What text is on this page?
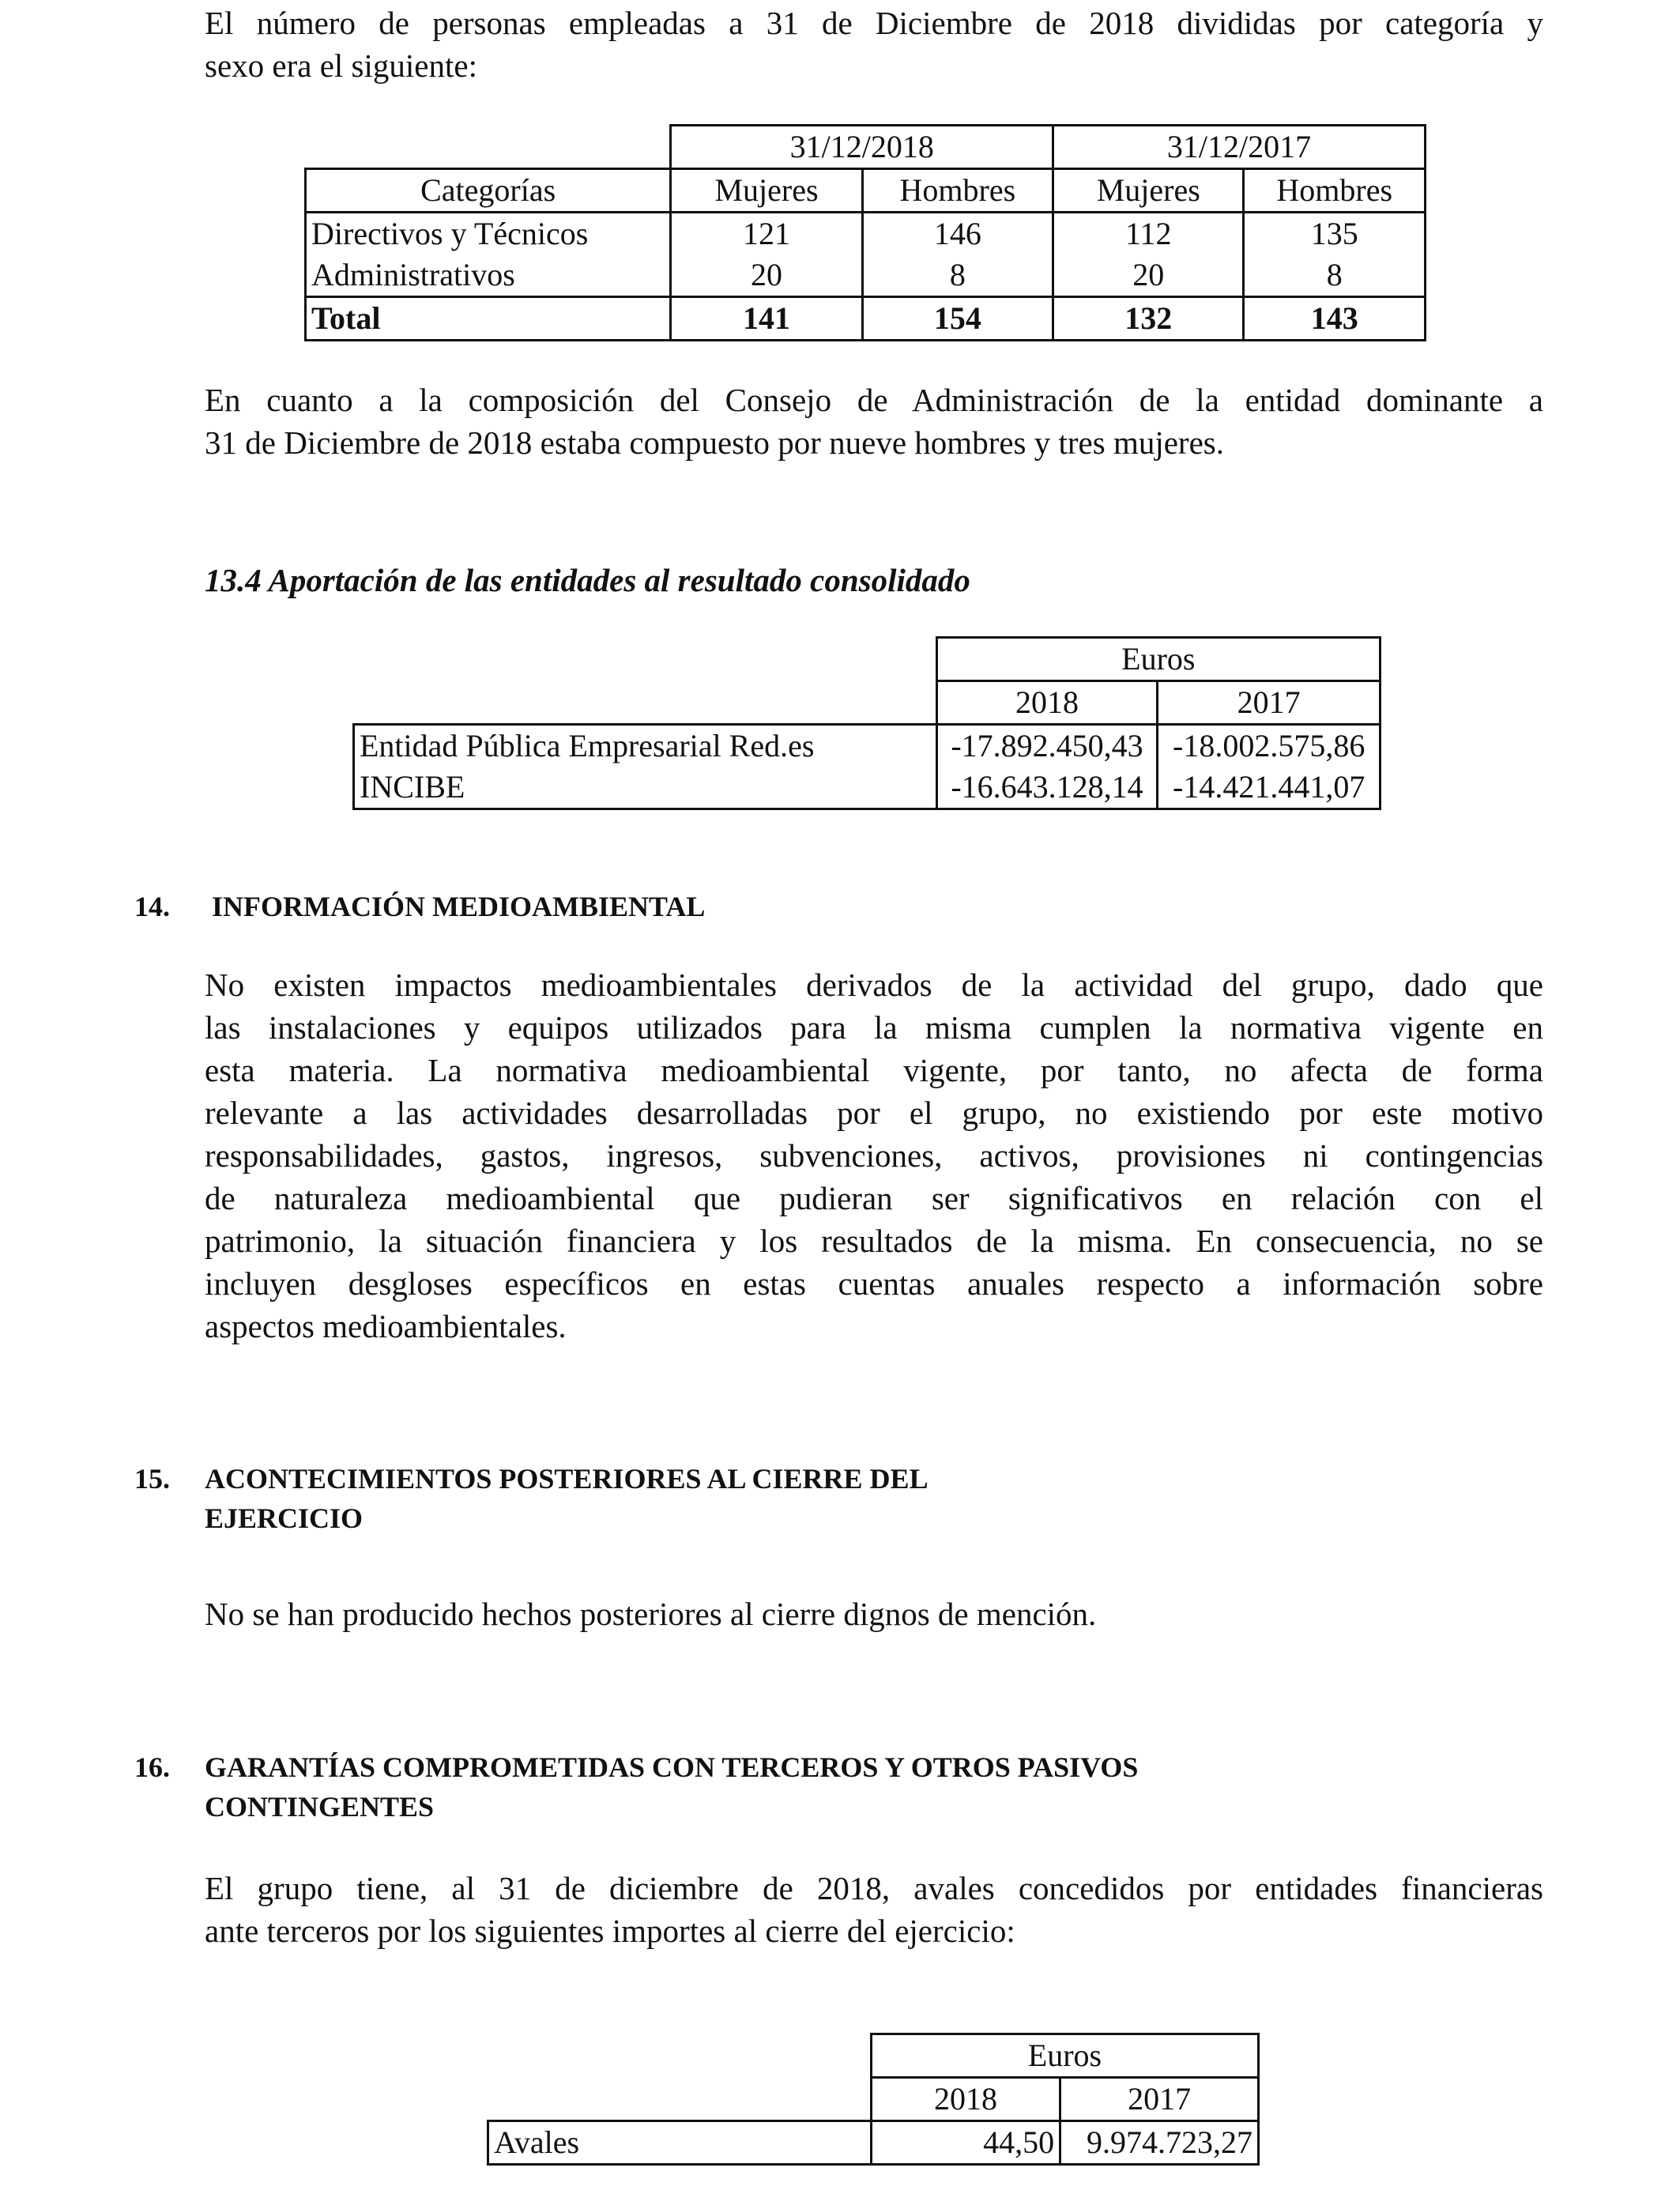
El número de personas empleadas a 31 de Diciembre de 2018 divididas por categoría y
sexo era el siguiente:
	31/12/2018		31/12/2017	
Categorías	Mujeres	Hombres	Mujeres	Hombres
Directivos y Técnicos	121	146	112	135
Administrativos	20	8	20	8
Total	141	154	132	143
En cuanto a la composición del Consejo de Administración de la entidad dominante a
31 de Diciembre de 2018 estaba compuesto por nueve hombres y tres mujeres.
13.4 Aportación de las entidades al resultado consolidado
	Euros	
	2018	2017
Entidad Pública Empresarial Red.es	-17.892.450,43	-18.002.575,86
INCIBE	-16.643.128,14	-14.421.441,07
14. INFORMACIÓN MEDIOAMBIENTAL
No existen impactos medioambientales derivados de la actividad del grupo, dado que
las instalaciones y equipos utilizados para la misma cumplen la normativa vigente en
esta materia. La normativa medioambiental vigente, por tanto, no afecta de forma
relevante a las actividades desarrolladas por el grupo, no existiendo por este motivo
responsabilidades, gastos, ingresos, subvenciones, activos, provisiones ni contingencias
de naturaleza medioambiental que pudieran ser significativos en relación con el
patrimonio, la situación financiera y los resultados de la misma. En consecuencia, no se
incluyen desgloses específicos en estas cuentas anuales respecto a información sobre
aspectos medioambientales.
15. ACONTECIMIENTOS POSTERIORES AL CIERRE DEL
EJERCICIO
No se han producido hechos posteriores al cierre dignos de mención.
16. GARANTÍAS COMPROMETIDAS CON TERCEROS Y OTROS PASIVOS
CONTINGENTES
El grupo tiene, al 31 de diciembre de 2018, avales concedidos por entidades financieras
ante terceros por los siguientes importes al cierre del ejercicio:
	Euros	
	2018	2017
Avales	44,50	9.974.723,27
